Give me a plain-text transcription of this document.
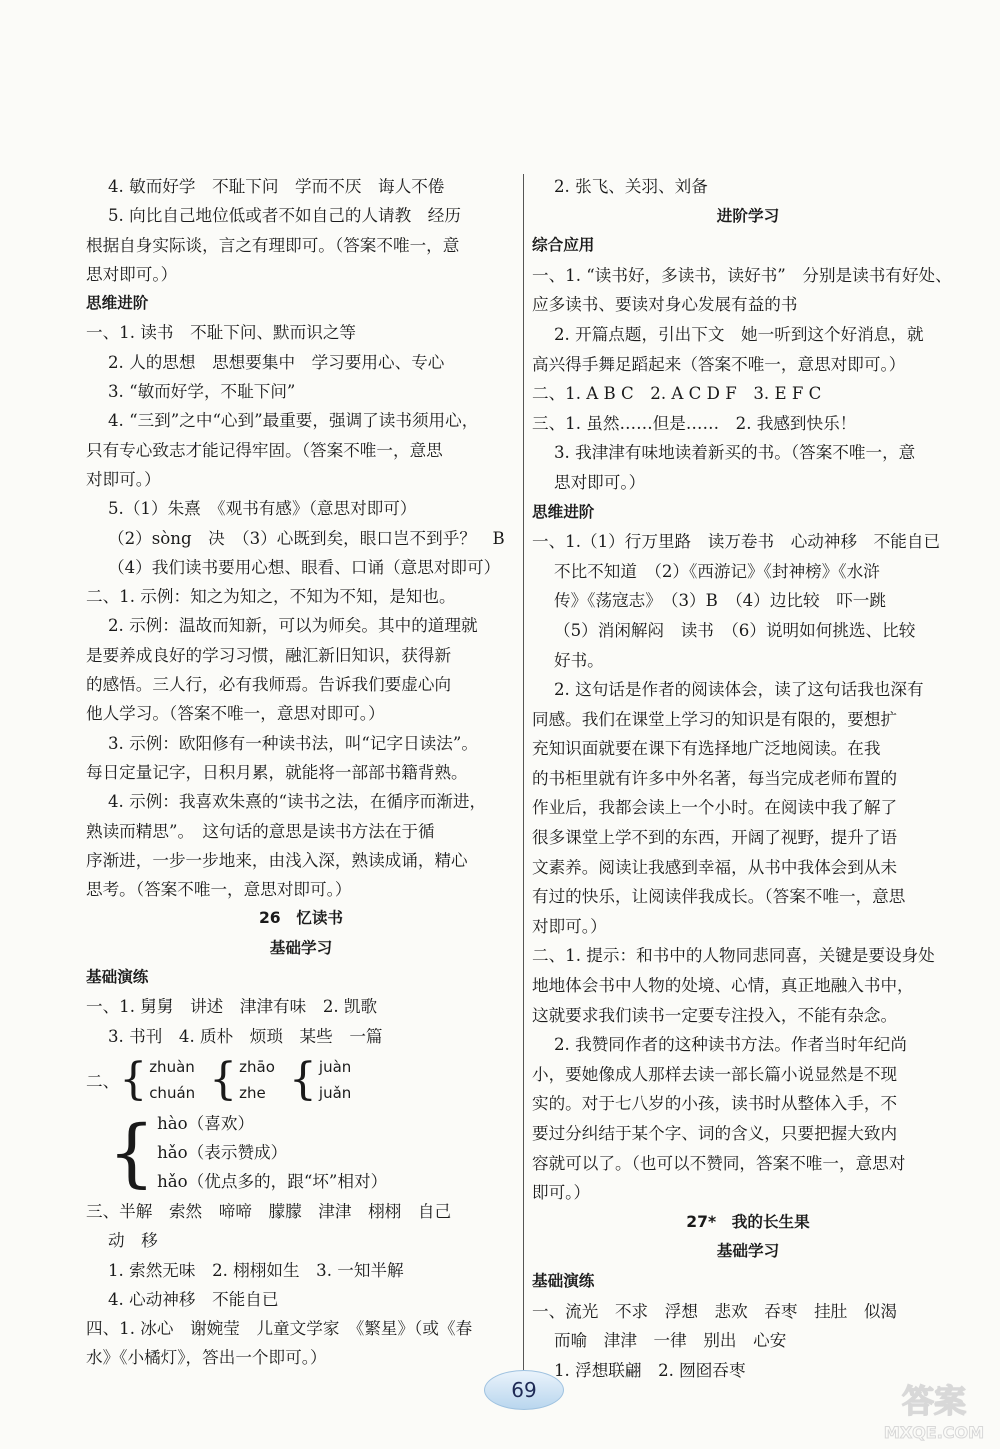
4. 敏而好学　不耻下问　学而不厌　诲人不倦
5. 向比自己地位低或者不如自己的人请教　经历
根据自身实际谈，言之有理即可。（答案不唯一，意
思对即可。）
思维进阶
一、1. 读书　不耻下问、默而识之等
2. 人的思想　思想要集中　学习要用心、专心
3. “敏而好学，不耻下问”
4. “三到”之中“心到”最重要，强调了读书须用心，
只有专心致志才能记得牢固。（答案不唯一，意思
对即可。）
5.（1）朱熹　《观书有感》（意思对即可）
（2）sòng　决　（3）心既到矣，眼口岂不到乎？　B
（4）我们读书要用心想、眼看、口诵（意思对即可）
二、1. 示例：知之为知之，不知为不知，是知也。
2. 示例：温故而知新，可以为师矣。其中的道理就
是要养成良好的学习习惯，融汇新旧知识，获得新
的感悟。三人行，必有我师焉。告诉我们要虚心向
他人学习。（答案不唯一，意思对即可。）
3. 示例：欧阳修有一种读书法，叫“记字日读法”。
每日定量记字，日积月累，就能将一部部书籍背熟。
4. 示例：我喜欢朱熹的“读书之法，在循序而渐进，
熟读而精思”。　这句话的意思是读书方法在于循
序渐进，一步一步地来，由浅入深，熟读成诵，精心
思考。（答案不唯一，意思对即可。）
26　忆读书
基础学习
基础演练
一、1. 舅舅　讲述　津津有味　2. 凯歌
3. 书刊　4. 质朴　烦琐　某些　一篇
二、 { zhuàn
chuán { zhāo
zhe { juàn
juǎn
{ hào（喜欢）
hǎo（表示赞成）
hǎo（优点多的，跟“坏”相对）
三、半解　索然　啼啼　朦朦　津津　栩栩　自己
动　移
1. 索然无味　2. 栩栩如生　3. 一知半解
4. 心动神移　不能自已
四、1. 冰心　谢婉莹　儿童文学家　《繁星》（或《春
水》《小橘灯》，答出一个即可。）
2. 张飞、关羽、刘备
进阶学习
综合应用
一、1. “读书好，多读书，读好书”　分别是读书有好处、
应多读书、要读对身心发展有益的书
2. 开篇点题，引出下文　她一听到这个好消息，就
高兴得手舞足蹈起来（答案不唯一，意思对即可。）
二、1. A B C　2. A C D F　3. E F C
三、1. 虽然……但是……　2. 我感到快乐！
3. 我津津有味地读着新买的书。（答案不唯一，意
思对即可。）
思维进阶
一、1.（1）行万里路　读万卷书　心动神移　不能自已
不比不知道　（2）《西游记》《封神榜》《水浒
传》《荡寇志》　（3）B　（4）边比较　吓一跳
（5）消闲解闷　读书　（6）说明如何挑选、比较
好书。
2. 这句话是作者的阅读体会，读了这句话我也深有
同感。我们在课堂上学习的知识是有限的，要想扩
充知识面就要在课下有选择地广泛地阅读。在我
的书柜里就有许多中外名著，每当完成老师布置的
作业后，我都会读上一个小时。在阅读中我了解了
很多课堂上学不到的东西，开阔了视野，提升了语
文素养。阅读让我感到幸福，从书中我体会到从未
有过的快乐，让阅读伴我成长。（答案不唯一，意思
对即可。）
二、1. 提示：和书中的人物同悲同喜，关键是要设身处
地地体会书中人物的处境、心情，真正地融入书中，
这就要求我们读书一定要专注投入，不能有杂念。
2. 我赞同作者的这种读书方法。作者当时年纪尚
小，要她像成人那样去读一部长篇小说显然是不现
实的。对于七八岁的小孩，读书时从整体入手，不
要过分纠结于某个字、词的含义，只要把握大致内
容就可以了。（也可以不赞同，答案不唯一，意思对
即可。）
27*　我的长生果
基础学习
基础演练
一、流光　不求　浮想　悲欢　吞枣　挂肚　似渴
而喻　津津　一律　别出　心安
1. 浮想联翩　2. 囫囵吞枣
69	答案
MXQE.COM
